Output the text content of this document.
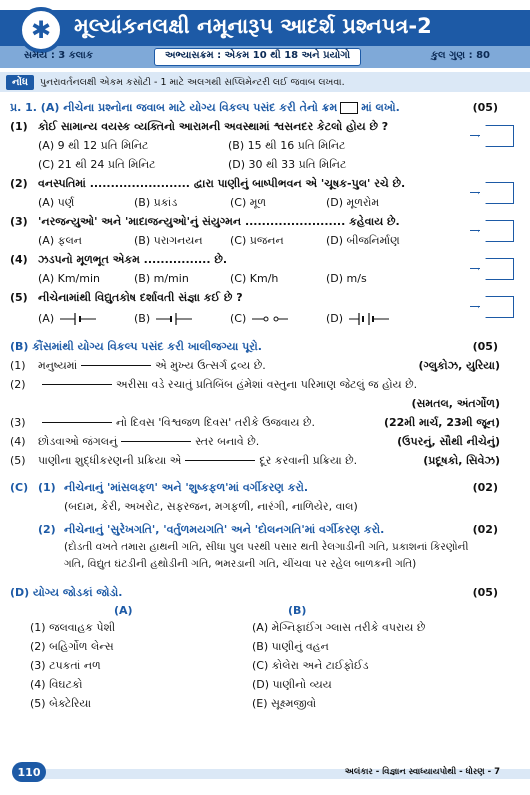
✱	મૂલ્યાંકનલક્ષી નમૂનારૂપ આદર્શ પ્રશ્નપત્ર-2
સમય : 3 કલાક	અભ્યાસક્રમ : એકમ 10 થી 18 અને પ્રયોગો	કુલ ગુણ : 80
નોંધ	પુનરાવર્તનલક્ષી એકમ કસોટી - 1 માટે અલગથી સપ્લિમેન્ટરી લઈ જવાબ લખવા.
પ્ર. 1. (A) નીચેના પ્રશ્નોના જવાબ માટે યોગ્ય વિકલ્પ પસંદ કરી તેનો ક્રમ માં લખો.	(05)
(1) કોઈ સામાન્ય વયસ્ક વ્યક્તિનો આરામની અવસ્થામાં શ્વસનદર કેટલો હોય છે ?
(A) 9 થી 12 પ્રતિ મિનિટ	(B) 15 થી 16 પ્રતિ મિનિટ
(C) 21 થી 24 પ્રતિ મિનિટ	(D) 30 થી 33 પ્રતિ મિનિટ
(2) વનસ્પતિમાં ........................ દ્વારા પાણીનું બાષ્પીભવન એ 'ચૂષક-પુલ' રચે છે.
(A) પર્ણ	(B) પ્રકાંડ	(C) મૂળ	(D) મૂળરોમ
(3) 'નરજન્યુઓ' અને 'માદાજન્યુઓ'નું સંયુગ્મન ........................ કહેવાય છે.
(A) ફલન	(B) પરાગનયન	(C) પ્રજનન	(D) બીજનિર્માણ
(4) ઝડપનો મૂળભૂત એકમ ................ છે.
(A) Km/min	(B) m/min	(C) Km/h	(D) m/s
(5) નીચેનામાંથી વિદ્યુતકોષ દર્શાવતી સંજ્ઞા કઈ છે ?
(A)	(B)	(C)	(D)
(B) કૌંસમાંથી યોગ્ય વિકલ્પ પસંદ કરી ખાલીજગ્યા પૂરો.	(05)
(1)	મનુષ્યમાં	એ મુખ્ય ઉત્સર્ગ દ્રવ્ય છે.	(ગ્લુકોઝ, યુરિયા)
(2)	અરીસા વડે રચાતું પ્રતિબિંબ હંમેશાં વસ્તુના પરિમાણ જેટલું જ હોય છે.
(સમતલ, અંતર્ગોળ)
(3)	નો દિવસ 'વિશ્વજળ દિવસ' તરીકે ઉજવાય છે.	(22મી માર્ચ, 23મી જૂન)
(4)	છોડવાઓ જંગલનું	સ્તર બનાવે છે.	(ઉપરનું, સૌથી નીચેનું)
(5)	પાણીના શુદ્ધીકરણની પ્રક્રિયા એ	દૂર કરવાની પ્રક્રિયા છે.	(પ્રદૂષકો, સિવેઝ)
(C) (1) નીચેનાનું 'માંસલફળ' અને 'શુષ્કફળ'માં વર્ગીકરણ કરો.	(02)
(બદામ, કેરી, અખરોટ, સફરજન, મગફળી, નારંગી, નાળિયેર, વાલ)
(2) નીચેનાનું 'સુરેખગતિ', 'વર્તુળમયગતિ' અને 'દોલનગતિ'માં વર્ગીકરણ કરો.	(02)
(દોડતી વખતે તમારા હાથની ગતિ, સીધા પુલ પરથી પસાર થતી રેલગાડીની ગતિ, પ્રકાશનાં કિરણોની ગતિ, વિદ્યુત ઘંટડીની હથોડીની ગતિ, ભમરડાની ગતિ, ચીંચવા પર રહેલ બાળકની ગતિ)
(D) યોગ્ય જોડકાં જોડો.	(05)
(A)	(B)
(1) જલવાહક પેશી	(A) મેગ્નિફાઈંગ ગ્લાસ તરીકે વપરાય છે
(2) બહિર્ગોળ લેન્સ	(B) પાણીનું વહન
(3) ટપકતાં નળ	(C) કોલેરા અને ટાઈફોઈડ
(4) વિઘટકો	(D) પાણીનો વ્યય
(5) બેક્ટેરિયા	(E) સૂક્ષ્મજીવો
110	અલંકાર - વિજ્ઞાન સ્વાધ્યાયપોથી - ધોરણ - 7
